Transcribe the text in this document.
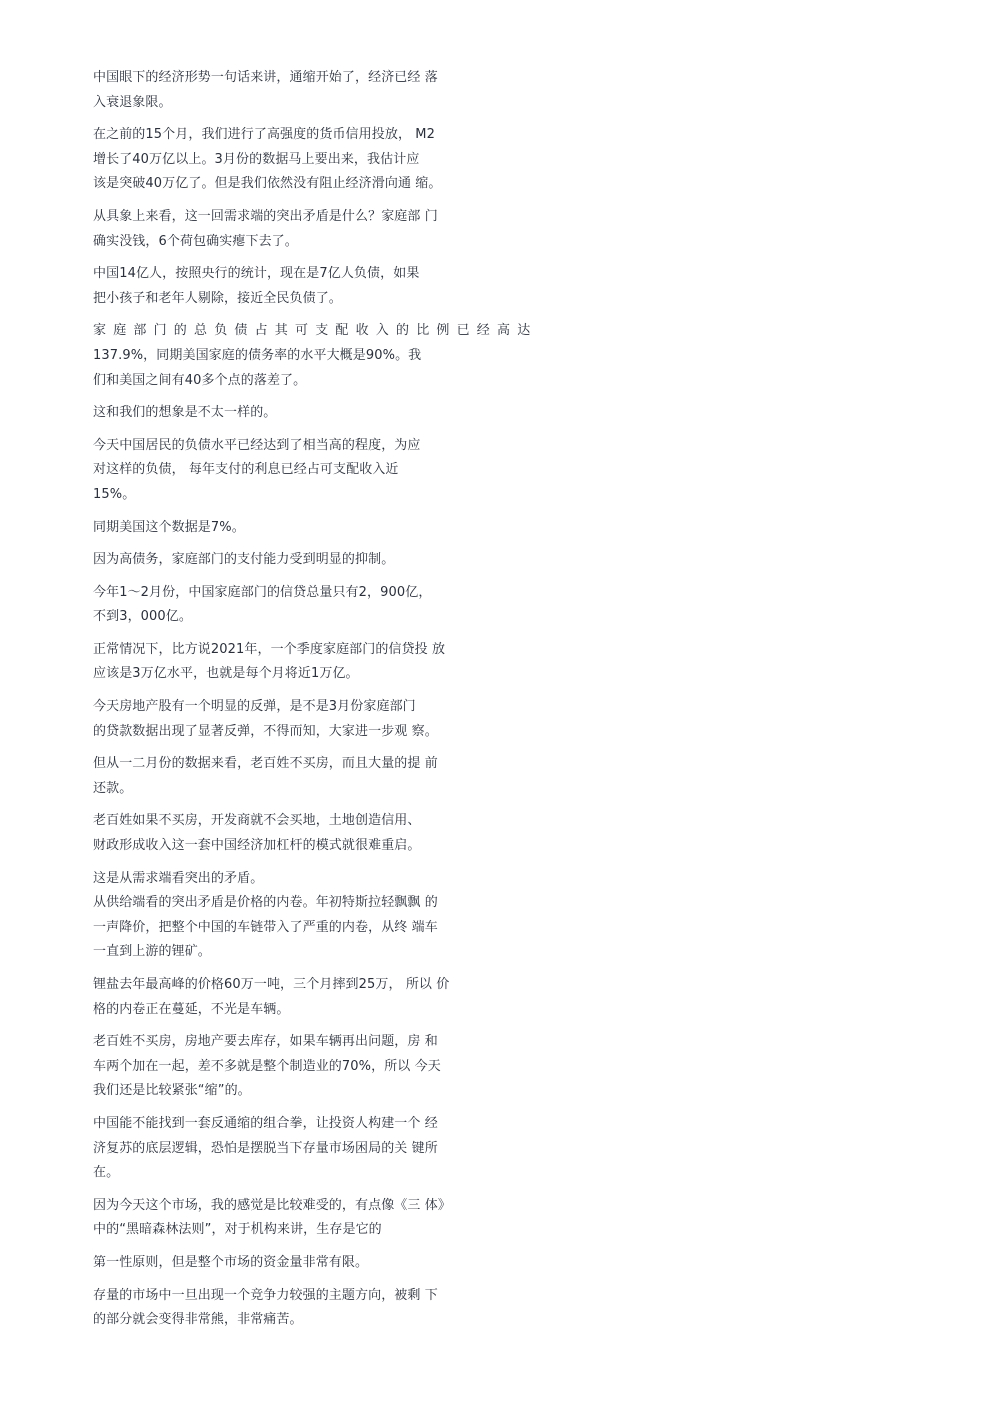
中国眼下的经济形势一句话来讲，通缩开始了，经济已经 落
入衰退象限。
在之前的15个月，我们进行了高强度的货币信用投放， M2
增长了40万亿以上。3月份的数据马上要出来，我估计应
该是突破40万亿了。但是我们依然没有阻止经济滑向通 缩。
从具象上来看，这一回需求端的突出矛盾是什么？家庭部 门
确实没钱，6个荷包确实瘪下去了。
中国14亿人，按照央行的统计，现在是7亿人负债，如果
把小孩子和老年人剔除，接近全民负债了。
家庭部门的总负债占其可支配收入的比例已经高达
137.9%，同期美国家庭的债务率的水平大概是90%。我
们和美国之间有40多个点的落差了。
这和我们的想象是不太一样的。
今天中国居民的负债水平已经达到了相当高的程度，为应
对这样的负债， 每年支付的利息已经占可支配收入近
15%。
同期美国这个数据是7%。
因为高债务，家庭部门的支付能力受到明显的抑制。
今年1～2月份，中国家庭部门的信贷总量只有2，900亿，
不到3，000亿。
正常情况下，比方说2021年，一个季度家庭部门的信贷投 放
应该是3万亿水平，也就是每个月将近1万亿。
今天房地产股有一个明显的反弹，是不是3月份家庭部门
的贷款数据出现了显著反弹，不得而知，大家进一步观 察。
但从一二月份的数据来看，老百姓不买房，而且大量的提 前
还款。
老百姓如果不买房，开发商就不会买地，土地创造信用、
财政形成收入这一套中国经济加杠杆的模式就很难重启。
这是从需求端看突出的矛盾。
从供给端看的突出矛盾是价格的内卷。年初特斯拉轻飘飘 的
一声降价，把整个中国的车链带入了严重的内卷，从终 端车
一直到上游的锂矿。
锂盐去年最高峰的价格60万一吨，三个月摔到25万， 所以 价
格的内卷正在蔓延，不光是车辆。
老百姓不买房，房地产要去库存，如果车辆再出问题，房 和
车两个加在一起，差不多就是整个制造业的70%，所以 今天
我们还是比较紧张“缩”的。
中国能不能找到一套反通缩的组合拳，让投资人构建一个 经
济复苏的底层逻辑，恐怕是摆脱当下存量市场困局的关 键所
在。
因为今天这个市场，我的感觉是比较难受的，有点像《三 体》
中的“黑暗森林法则”，对于机构来讲，生存是它的
第一性原则，但是整个市场的资金量非常有限。
存量的市场中一旦出现一个竞争力较强的主题方向，被剩 下
的部分就会变得非常熊，非常痛苦。
